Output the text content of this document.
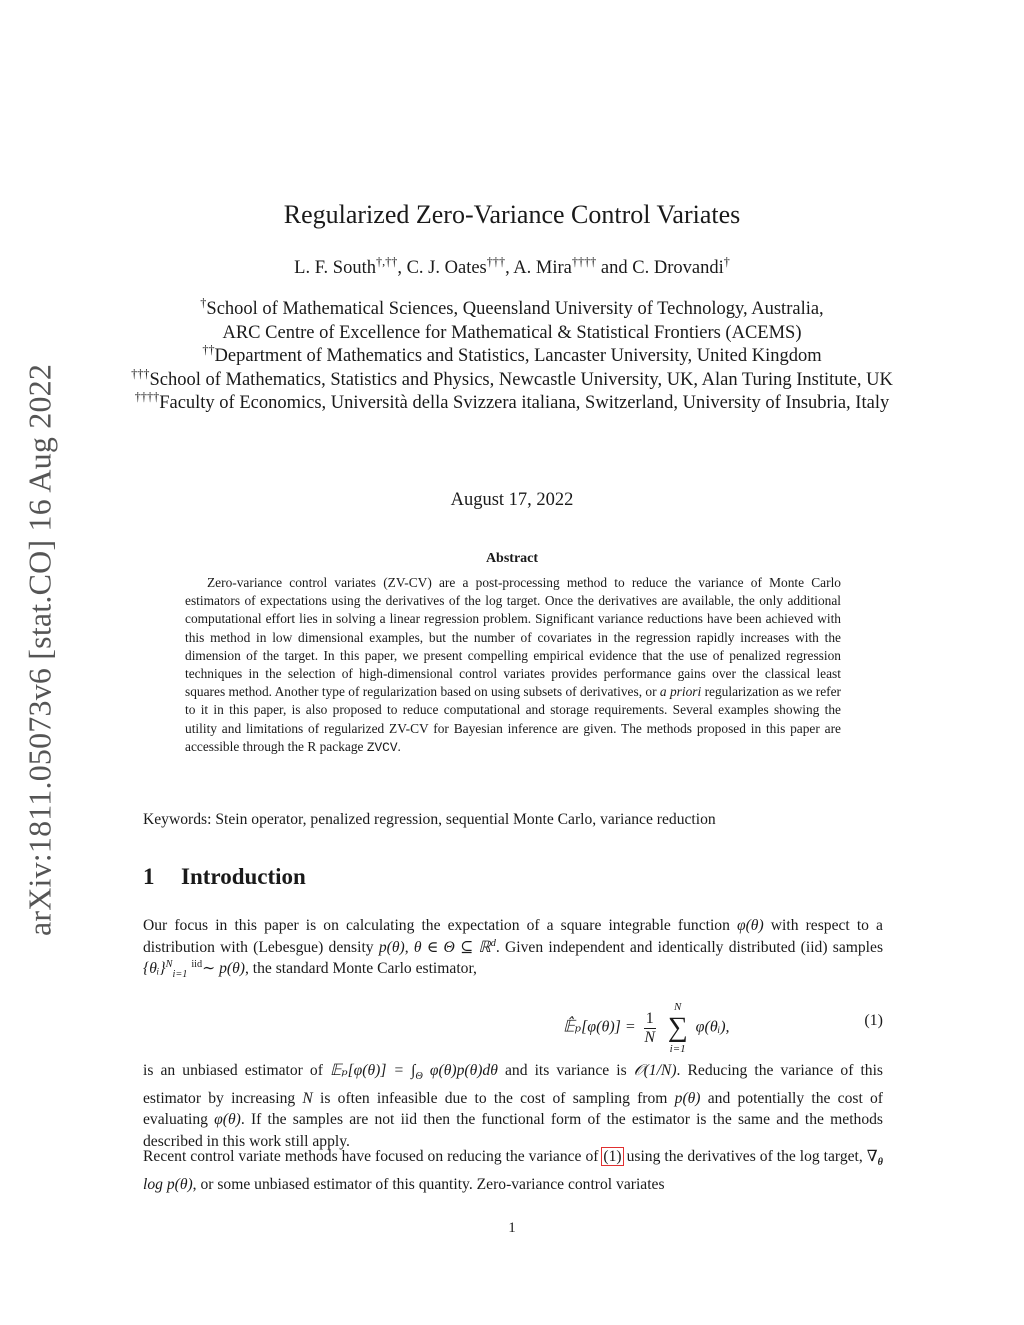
arXiv:1811.05073v6 [stat.CO] 16 Aug 2022
Regularized Zero-Variance Control Variates
L. F. South†,††, C. J. Oates†††, A. Mira†††† and C. Drovandi†
†School of Mathematical Sciences, Queensland University of Technology, Australia,
ARC Centre of Excellence for Mathematical & Statistical Frontiers (ACEMS)
††Department of Mathematics and Statistics, Lancaster University, United Kingdom
†††School of Mathematics, Statistics and Physics, Newcastle University, UK, Alan Turing Institute, UK
††††Faculty of Economics, Università della Svizzera italiana, Switzerland, University of Insubria, Italy
August 17, 2022
Abstract
Zero-variance control variates (ZV-CV) are a post-processing method to reduce the variance of Monte Carlo estimators of expectations using the derivatives of the log target. Once the derivatives are available, the only additional computational effort lies in solving a linear regression problem. Significant variance reductions have been achieved with this method in low dimensional examples, but the number of covariates in the regression rapidly increases with the dimension of the target. In this paper, we present compelling empirical evidence that the use of penalized regression techniques in the selection of high-dimensional control variates provides performance gains over the classical least squares method. Another type of regularization based on using subsets of derivatives, or a priori regularization as we refer to it in this paper, is also proposed to reduce computational and storage requirements. Several examples showing the utility and limitations of regularized ZV-CV for Bayesian inference are given. The methods proposed in this paper are accessible through the R package ZVCV.
Keywords: Stein operator, penalized regression, sequential Monte Carlo, variance reduction
1 Introduction
Our focus in this paper is on calculating the expectation of a square integrable function φ(θ) with respect to a distribution with (Lebesgue) density p(θ), θ ∈ Θ ⊆ ℝ$^d$. Given independent and identically distributed (iid) samples {θᵢ}$^N_{i=1}$ $^{iid}$∼ p(θ), the standard Monte Carlo estimator,
𝔼̂ₚ[φ(θ)] = $\frac{1}{N}$

N
∑
i=1
φ(θᵢ),	(1)
is an unbiased estimator of 𝔼ₚ[φ(θ)] = $\int_\Theta$ φ(θ)p(θ)dθ and its variance is 𝒪(1/N). Reducing the variance of this estimator by increasing N is often infeasible due to the cost of sampling from p(θ) and potentially the cost of evaluating φ(θ). If the samples are not iid then the functional form of the estimator is the same and the methods described in this work still apply.
Recent control variate methods have focused on reducing the variance of (1) using the derivatives of the log target, $\nabla_\theta$ log p(θ), or some unbiased estimator of this quantity. Zero-variance control variates
1
